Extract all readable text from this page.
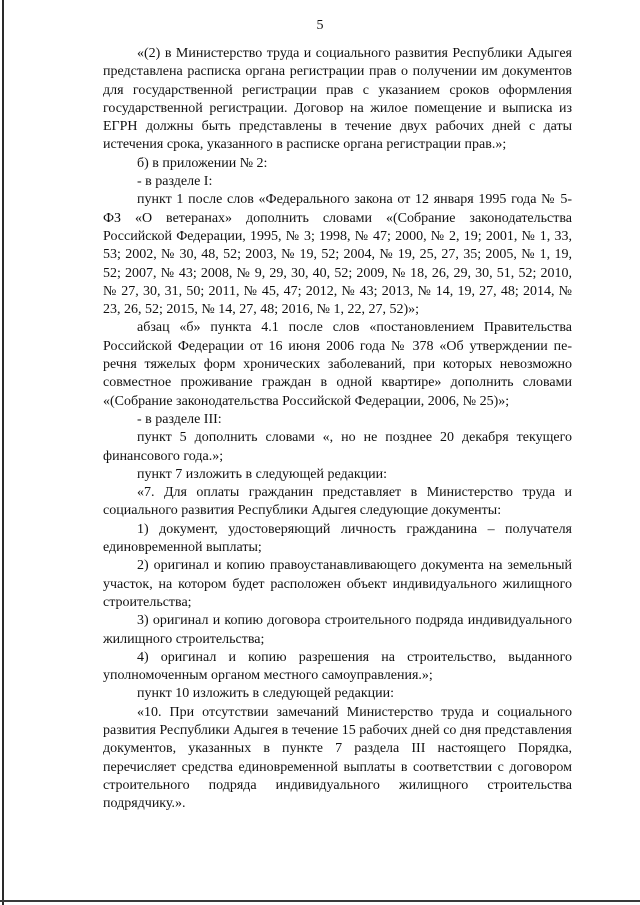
5

«(2) в Министерство труда и социального развития Республики Адыгея представлена расписка органа регистрации прав о получении им документов для государственной регистрации прав с указанием сроков оформления государственной регистрации. Договор на жилое помещение и выписка из ЕГРН должны быть представлены в течение двух рабочих дней с даты истечения срока, указанного в расписке органа регистрации прав.»;

б) в приложении № 2:

- в разделе I:

пункт 1 после слов «Федерального закона от 12 января 1995 года № 5-ФЗ «О ветеранах» дополнить словами «(Собрание законодательства Российской Федерации, 1995, № 3; 1998, № 47; 2000, № 2, 19; 2001, № 1, 33, 53; 2002, № 30, 48, 52; 2003, № 19, 52; 2004, № 19, 25, 27, 35; 2005, № 1, 19, 52; 2007, № 43; 2008, № 9, 29, 30, 40, 52; 2009, № 18, 26, 29, 30, 51, 52; 2010, № 27, 30, 31, 50; 2011, № 45, 47; 2012, № 43; 2013, № 14, 19, 27, 48; 2014, № 23, 26, 52; 2015, № 14, 27, 48; 2016, № 1, 22, 27, 52)»;

абзац «б» пункта 4.1 после слов «постановлением Правительства Российской Федерации от 16 июня 2006 года № 378 «Об утверждении перечня тяжелых форм хронических заболеваний, при которых невозможно совместное проживание граждан в одной квартире» дополнить словами «(Собрание законодательства Российской Федерации, 2006, № 25)»;

- в разделе III:

пункт 5 дополнить словами «, но не позднее 20 декабря текущего финансового года.»;

пункт 7 изложить в следующей редакции:

«7. Для оплаты гражданин представляет в Министерство труда и социального развития Республики Адыгея следующие документы:

1) документ, удостоверяющий личность гражданина – получателя единовременной выплаты;

2) оригинал и копию правоустанавливающего документа на земельный участок, на котором будет расположен объект индивидуального жилищного строительства;

3) оригинал и копию договора строительного подряда индивидуального жилищного строительства;

4) оригинал и копию разрешения на строительство, выданного уполномоченным органом местного самоуправления.»;

пункт 10 изложить в следующей редакции:

«10. При отсутствии замечаний Министерство труда и социального развития Республики Адыгея в течение 15 рабочих дней со дня представления документов, указанных в пункте 7 раздела III настоящего Порядка, перечисляет средства единовременной выплаты в соответствии с договором строительного подряда индивидуального жилищного строительства подрядчику.».
